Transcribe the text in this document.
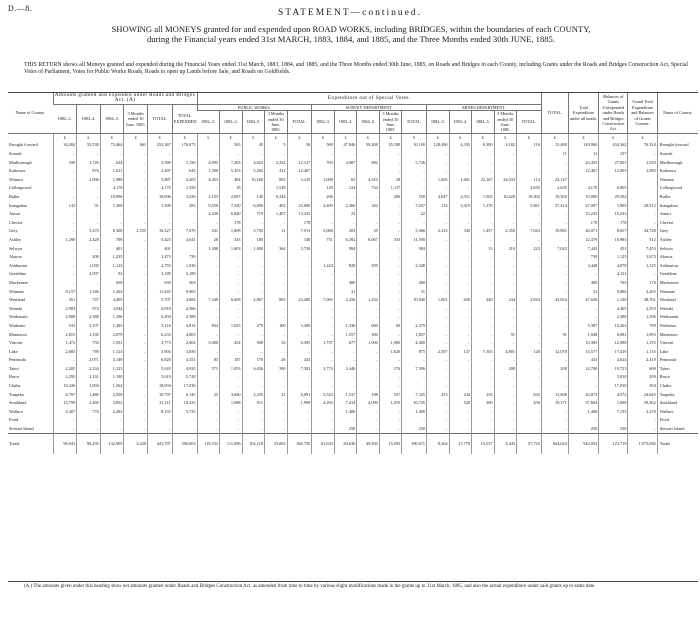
D.—8.	STATEMENT—continued.
SHOWING all MONEYS granted for and expended upon ROAD WORKS, including BRIDGES, within the boundaries of each COUNTY,
during the Financial years ended 31st MARCH, 1883, 1884, and 1885, and the Three Months ended 30th JUNE, 1885.
THIS RETURN shows all Moneys granted and expended during the Financial Years ended 31st March, 1883, 1884, and 1885, and the Three Months ended 30th June, 1885, on Roads and Bridges in each County, including Grants under the Roads and Bridges Construction Act, Special Votes of Parliament, Votes for Public Works Roads, Roads to open up Lands before Sale, and Roads on Goldfields.
Name of County.	Amounts granted and expended under Roads and Bridges Act. (A)						Expenditure out of Special Votes.															TOTAL.	Total Expenditure under all heads.	Balances of Grants Unexpended under Roads and Bridges Construction Act.	Grand Total Expenditure and Balances of Grants Current.	Name of County.
	1882–3.	1883–4.	1884–5.	3 Months ended 30 June, 1885.	TOTAL.	TOTAL EXPENDED.	PUBLIC WORKS.					SURVEY DEPARTMENT.					MINES DEPARTMENT.									
							1882–3.	1883–4.	1884–5.	3 Months ended 30 June, 1885.	TOTAL.	1882–3.	1883–4.	1884–5.	3 Months ended 30 June, 1885.	TOTAL.	1882–3.	1883–4.	1884–5.	3 Months ended 30 June, 1885.	TOTAL.					
	£	£	£	£	£	£	£	£	£	£	£	£	£	£	£	£	£	£	£	£	£	£	£	£	£	
Brought forward	34,484	55,538	73,464	661	253,367	176,073		563	45	5	56	569	47,946	59,208	35,180	10,100	128,490	4,335	6,300	3,182	116	15,480	140,960	434,362	76,324	Brought forward
Sounds	..	..	..	..	..	..	..	..	..	..	..	..	..	..	..	..	..	..	..	..	..	11	11	257	..	Sounds
Marlborough	339	1,726	624	..	3,389	1,150	4,995	7,203	4,023	3,234	12,127	703	4,087	882	..	5,726	..	..	..	..	..	..	23,453	27,001	1,029	Marlborough
Kaikoura	..	876	1,621	..	2,497	643	1,300	5,453	5,202	412	12,467	..	..	..	..	..	..	..	..	..	..	..	12,467	12,003	1,085	Kaikoura
Waimea	..	2,006	1,980	..	5,887	4,205	4,453	484	10,160	803	3,125	1,008	65	4,310	29	..	1,603	1,601	22,167	24,033	114	24,147				Waimea
Collingwood	..	..	4,170	..	4,170	1,550	..	18	..	1,518	..	129	124	734	1,117	..	..	..	..	..	2,635	2,635	4,170	6,805		Collingwood
Buller	..	..	10,096	..	10,096	3,330	2,193	2,007	140	6,344	..	206	..	..	206	550	4,047	4,311	1,502	10,620	19,302	19,302	10,000	29,302		Buller
Inangahua	132	31	1,309	..	1,309	283	9,550	7,330	6,000	402	23,000	4,409	2,360	342	..	7,037	114	3,419	1,370	..	5,811	37,414	27,007	1,905	28,912	Inangahua
Amuri	..	..	..	..	..	..	4,430	6,840	719	1,407	13,233	..	22	..	..	22	..	..	..	..	..	..	15,233	15,233	..	Amuri
Cheviot	..	..	..	..	..	..	..	178	..	..	178	..	..	..	..	..	..	..	..	..	..	..	178	178	..	Cheviot
Grey	..	5,470	8,300	2,555	16,327	7,670	231	1,808	5,703	11	7,913	5,068	203	35	..	5,366	2,413	330	1,457	2,350	7,043	19,801	26,071	8,657	34,728	Grey
Ashley	1,290	2,428	708	..	5,423	4,641	20	333	185	..	140	751	6,392	6,067	333	11,590	..	..	..	..	..	..	12,379	16,983	512	Ashley
Selwyn	..	..	401	..	401	..	1,300	1,603	1,000	364	5,739	..	984	..	..	984	..	..	13	210	223	7,042	7,443	451	7,453	Selwyn
Akaroa	..	200	1,233	..	1,473	739	..	..	..	..	..	..	..	..	..	..	..	..	..	..	..	..	739	1,125	1,673	Akaroa
Ashburton	..	1,030	1,123	..	2,755	1,030	..	..	..	..	..	1,224	828	295	..	2,348	..	..	..	..	..	..	3,448	4,078	1,125	Ashburton
Geraldine	..	2,097	92	..	3,189	3,189	..	..	..	..	..	..	..	..	..	..	..	..	..	..	..	..	..	4,131	..	Geraldine
Mackenzie	..	..	650	..	650	363	..	..	..	..	..	..	400	..	..	400	..	..	..	..	..	..	400	763	176	Mackenzie
Waimate	8,157	1,546	1,262	..	11,265	9,065	..	..	..	..	..	..	31	..	..	31	..	..	..	..	..	..	31	9,086	2,205	Waimate
Westland	351	747	4,405	..	5,707	4,882	7,349	6,609	2,867	865	23,400	7,065	2,256	1,432	..	10,840	1,001	650	240	234	2,924	43,654	47,636	1,120	48,761	Westland
Waitaki	2,903	972	3,044	..	6,818	4,366	..	..	..	..	..	..	..	..	..	..	..	..	..	..	..	..	..	4,365	2,553	Waitaki
Waikouaiti	2,000	2,388	1,106	..	6,494	2,388	..	..	..	..	..	..	..	..	..	..	..	..	..	..	..	..	..	2,388	1,106	Waikouaiti
Waihemo	533	3,107	1,495	..	5,116	4,814	834	1,655	279	100	3,309	..	1,330	600	69	2,379	..	..	..	..	..	..	5,387	10,202	799	Waihemo
Maniototo	2,815	1,339	2,079	..	6,233	4,003	..	..	..	..	..	..	1,557	300	..	1,857	..	..	..	91	..	91	1,948	6,081	1,093	Maniototo
Vincent	1,472	750	1,551	..	3,773	2,602	5,000	454	900	33	6,395	1,737	677	1,000	1,000	4,400	..	..	..	..	..	..	10,385	12,988	1,155	Vincent
Lake	2,683	789	1,123	..	3,904	3,839	..	..	..	..	..	..	..	..	1,620	875	2,507	147	7,103	4,801	120	12,070	14,577	17,416	1,135	Lake
Peninsula	..	2,071	3,149	..	6,820	4,351	83	187	176	26	433	..	..	..	..	..	..	..	..	..	..	..	433	4,624	2,419	Peninsula
Taieri	2,205	2,234	1,123	..	5,643	4,935	571	1,053	6,026	390	7,302	3,774	3,446	..	176	7,396	..	..	..	208	..	208	14,788	19,723	608	Taieri
Bruce	2,295	2,231	1,190	..	5,619	5,728	..	..	..	..	..	..	..	..	..	..	..	..	..	..	..	..	..	5,810	200	Bruce
Clutha	10,326	1,004	1,564	..	18,094	17,030	..	..	..	..	..	..	..	..	..	..	..	..	..	..	..	..	..	17,030	394	Clutha
Tuapeka	6,707	1,480	2,550	..	10,797	6,145	25	3,660	2,235	21	6,091	5,523	1,537	188	537	7,325	253	244	133	..	632	13,608	20,073	4,572	24,645	Tuapeka
Southland	13,799	2,460	3,852	..	21,111	18,433	..	1,088	911	..	1,999	4,263	7,414	4,090	1,070	16,725	..	520	300	..	450	19,171	37,604	1,698	39,302	Southland
Wallace	4,307	776	2,282	..	8,155	5,735	..	..	..	..	..	..	1,400	..	..	1,400	..	..	..	..	..	..	1,400	7,135	3,270	Wallace
Fiord	..	..	..	..	..	..	..	..	..	..	..	..	..	..	..	..	..	..	..	..	..	..	..	..	..	Fiord
Stewart Island	..	..	..	..	..	..	..	..	..	..	..	..	250	..	..	250	..	..	..	..	..	..	250	250	..	Stewart Island
Totals	96,941	98,293	132,905	3,220	441,707	296,003	119,532	111,006	102,118	33,063	365,730	61,633	84,630	49,830	15,595	190,671	8,264	27,770	15,557	3,443	57,725	644,024	942,053	123,719	1,075,082	Totals
(A.) The amounts given under this heading show net amounts granted under Roads and Bridges Construction Act, as amended from time to time by various slight modifications made in the grants up to 31st March, 1885, and also the actual expenditure under said grants up to same date.
